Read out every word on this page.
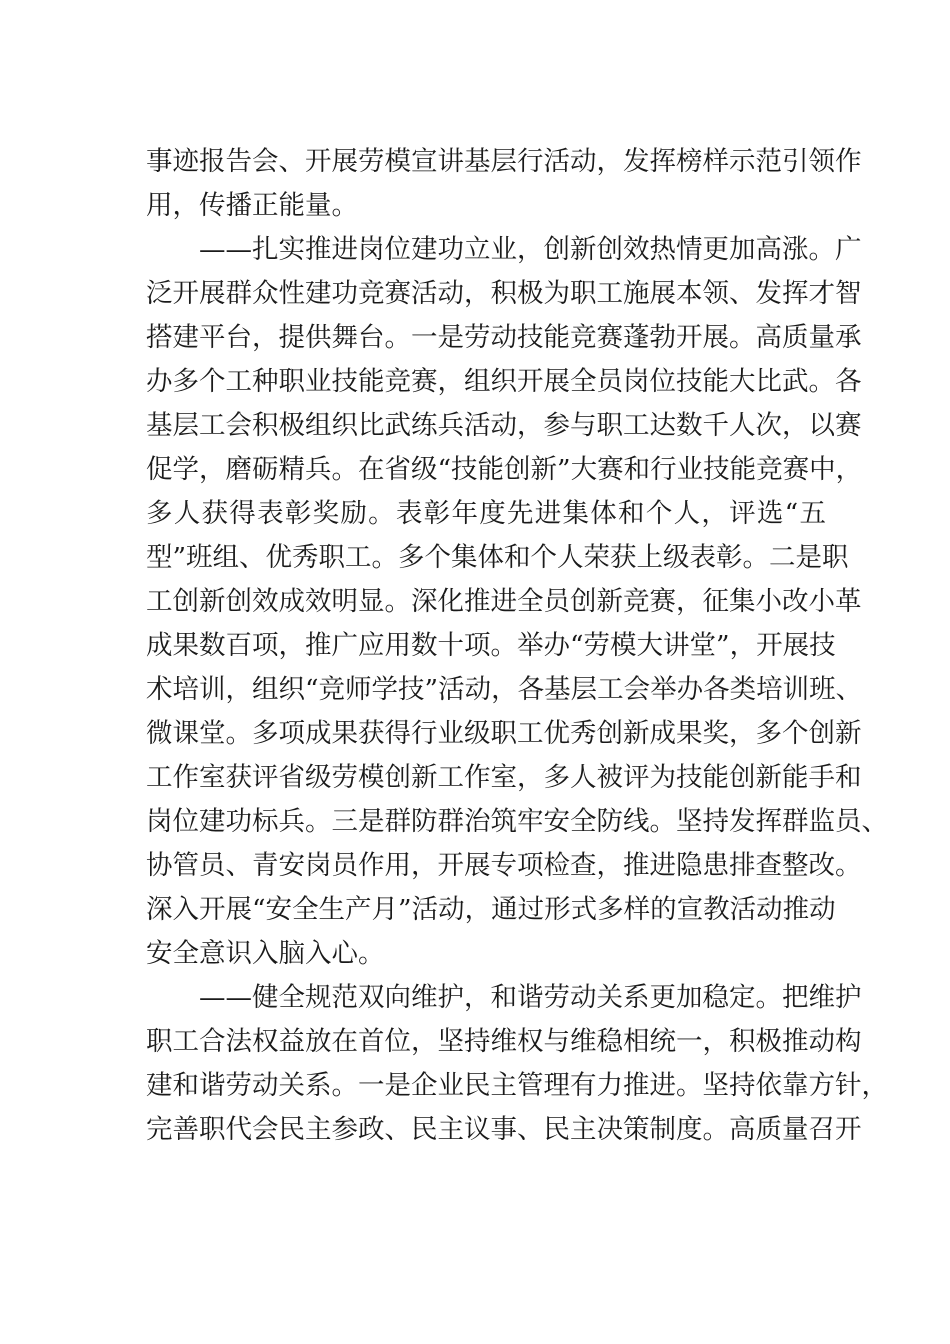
事迹报告会、开展劳模宣讲基层行活动，发挥榜样示范引领作
用，传播正能量。
——扎实推进岗位建功立业，创新创效热情更加高涨。广
泛开展群众性建功竞赛活动，积极为职工施展本领、发挥才智
搭建平台，提供舞台。一是劳动技能竞赛蓬勃开展。高质量承
办多个工种职业技能竞赛，组织开展全员岗位技能大比武。各
基层工会积极组织比武练兵活动，参与职工达数千人次，以赛
促学，磨砺精兵。在省级“技能创新”大赛和行业技能竞赛中，
多人获得表彰奖励。表彰年度先进集体和个人，评选“五
型”班组、优秀职工。多个集体和个人荣获上级表彰。二是职
工创新创效成效明显。深化推进全员创新竞赛，征集小改小革
成果数百项，推广应用数十项。举办“劳模大讲堂”，开展技
术培训，组织“竞师学技”活动，各基层工会举办各类培训班、
微课堂。多项成果获得行业级职工优秀创新成果奖，多个创新
工作室获评省级劳模创新工作室，多人被评为技能创新能手和
岗位建功标兵。三是群防群治筑牢安全防线。坚持发挥群监员、
协管员、青安岗员作用，开展专项检查，推进隐患排查整改。
深入开展“安全生产月”活动，通过形式多样的宣教活动推动
安全意识入脑入心。
——健全规范双向维护，和谐劳动关系更加稳定。把维护
职工合法权益放在首位，坚持维权与维稳相统一，积极推动构
建和谐劳动关系。一是企业民主管理有力推进。坚持依靠方针，
完善职代会民主参政、民主议事、民主决策制度。高质量召开
